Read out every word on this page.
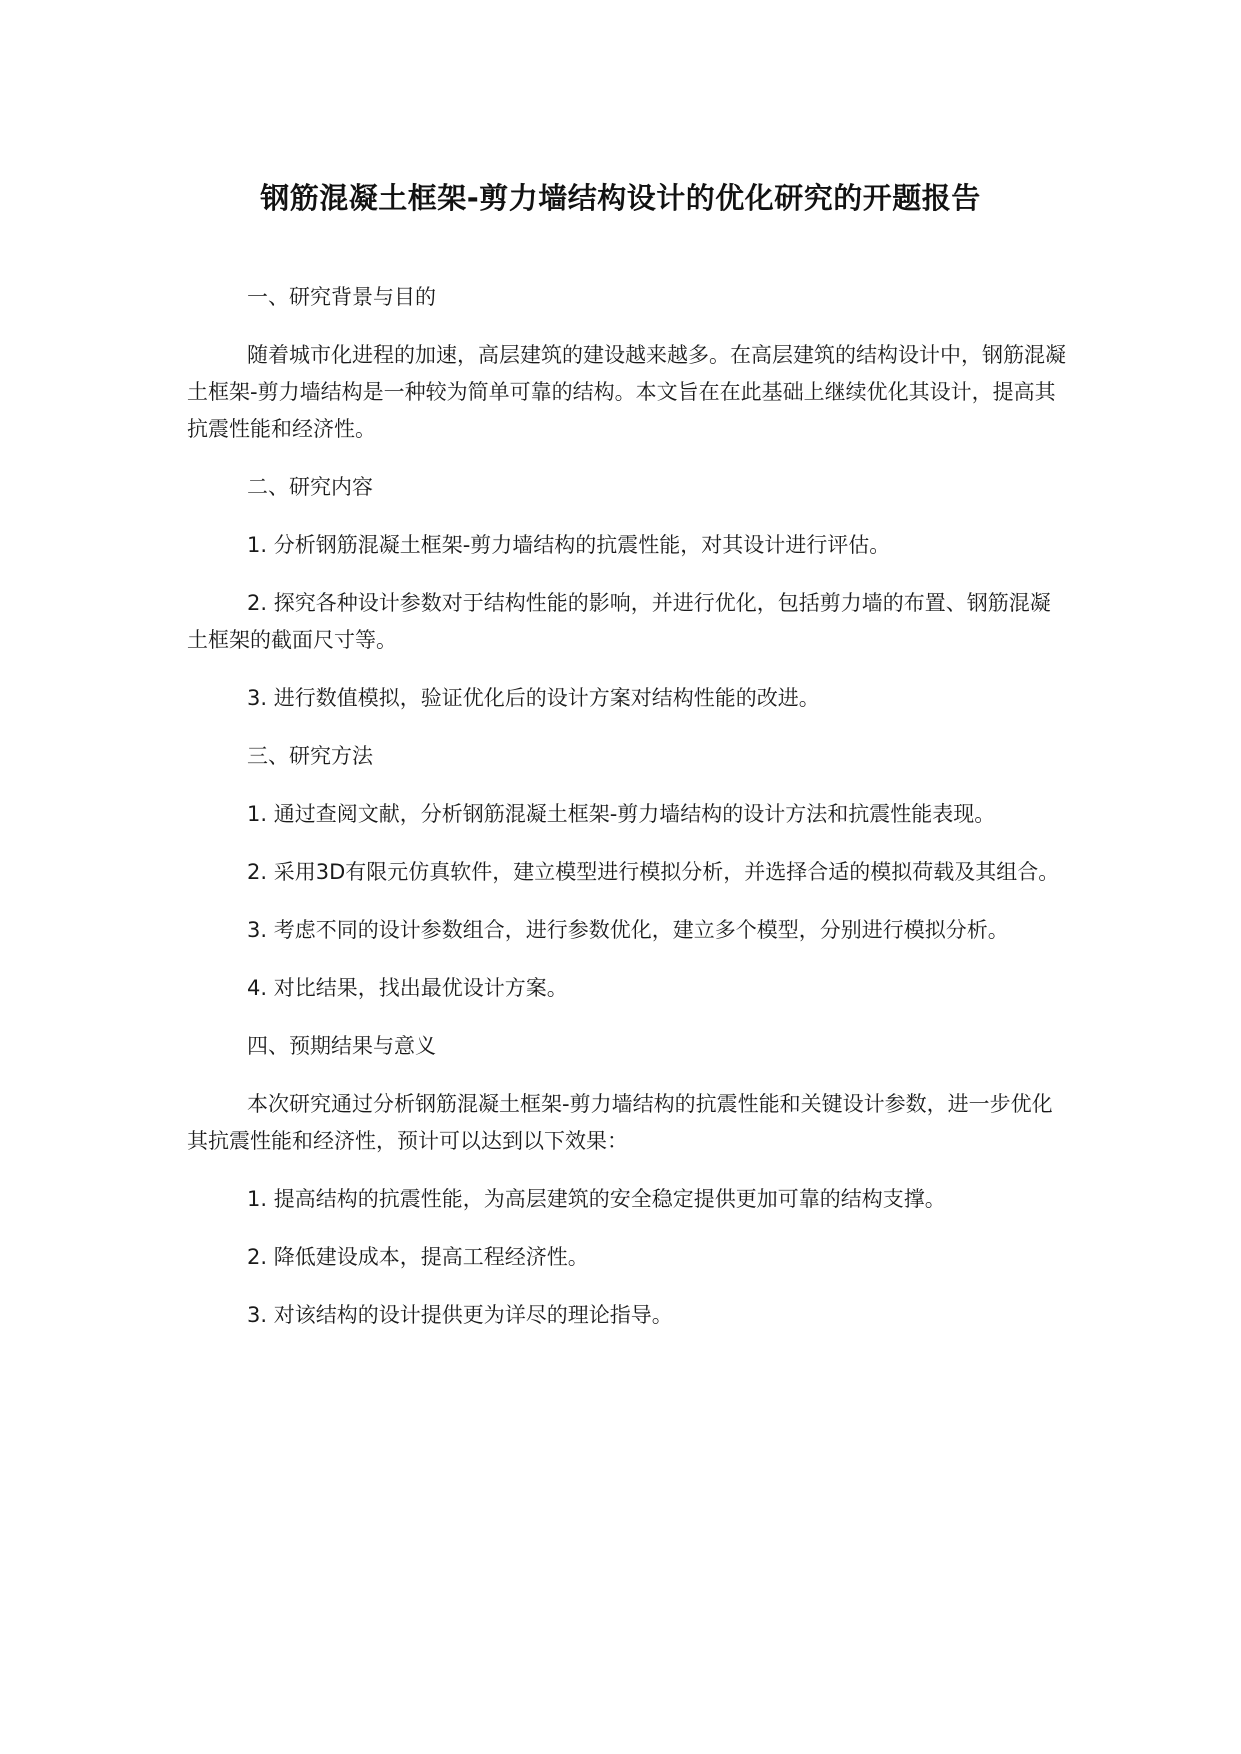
钢筋混凝土框架-剪力墙结构设计的优化研究的开题报告
一、研究背景与目的

随着城市化进程的加速，高层建筑的建设越来越多。在高层建筑的结构设计中，钢筋混凝土框架-剪力墙结构是一种较为简单可靠的结构。本文旨在在此基础上继续优化其设计，提高其抗震性能和经济性。

二、研究内容

1. 分析钢筋混凝土框架-剪力墙结构的抗震性能，对其设计进行评估。

2. 探究各种设计参数对于结构性能的影响，并进行优化，包括剪力墙的布置、钢筋混凝土框架的截面尺寸等。

3. 进行数值模拟，验证优化后的设计方案对结构性能的改进。

三、研究方法

1. 通过查阅文献，分析钢筋混凝土框架-剪力墙结构的设计方法和抗震性能表现。

2. 采用3D有限元仿真软件，建立模型进行模拟分析，并选择合适的模拟荷载及其组合。

3. 考虑不同的设计参数组合，进行参数优化，建立多个模型，分别进行模拟分析。

4. 对比结果，找出最优设计方案。

四、预期结果与意义

本次研究通过分析钢筋混凝土框架-剪力墙结构的抗震性能和关键设计参数，进一步优化其抗震性能和经济性，预计可以达到以下效果：

1. 提高结构的抗震性能，为高层建筑的安全稳定提供更加可靠的结构支撑。

2. 降低建设成本，提高工程经济性。

3. 对该结构的设计提供更为详尽的理论指导。
